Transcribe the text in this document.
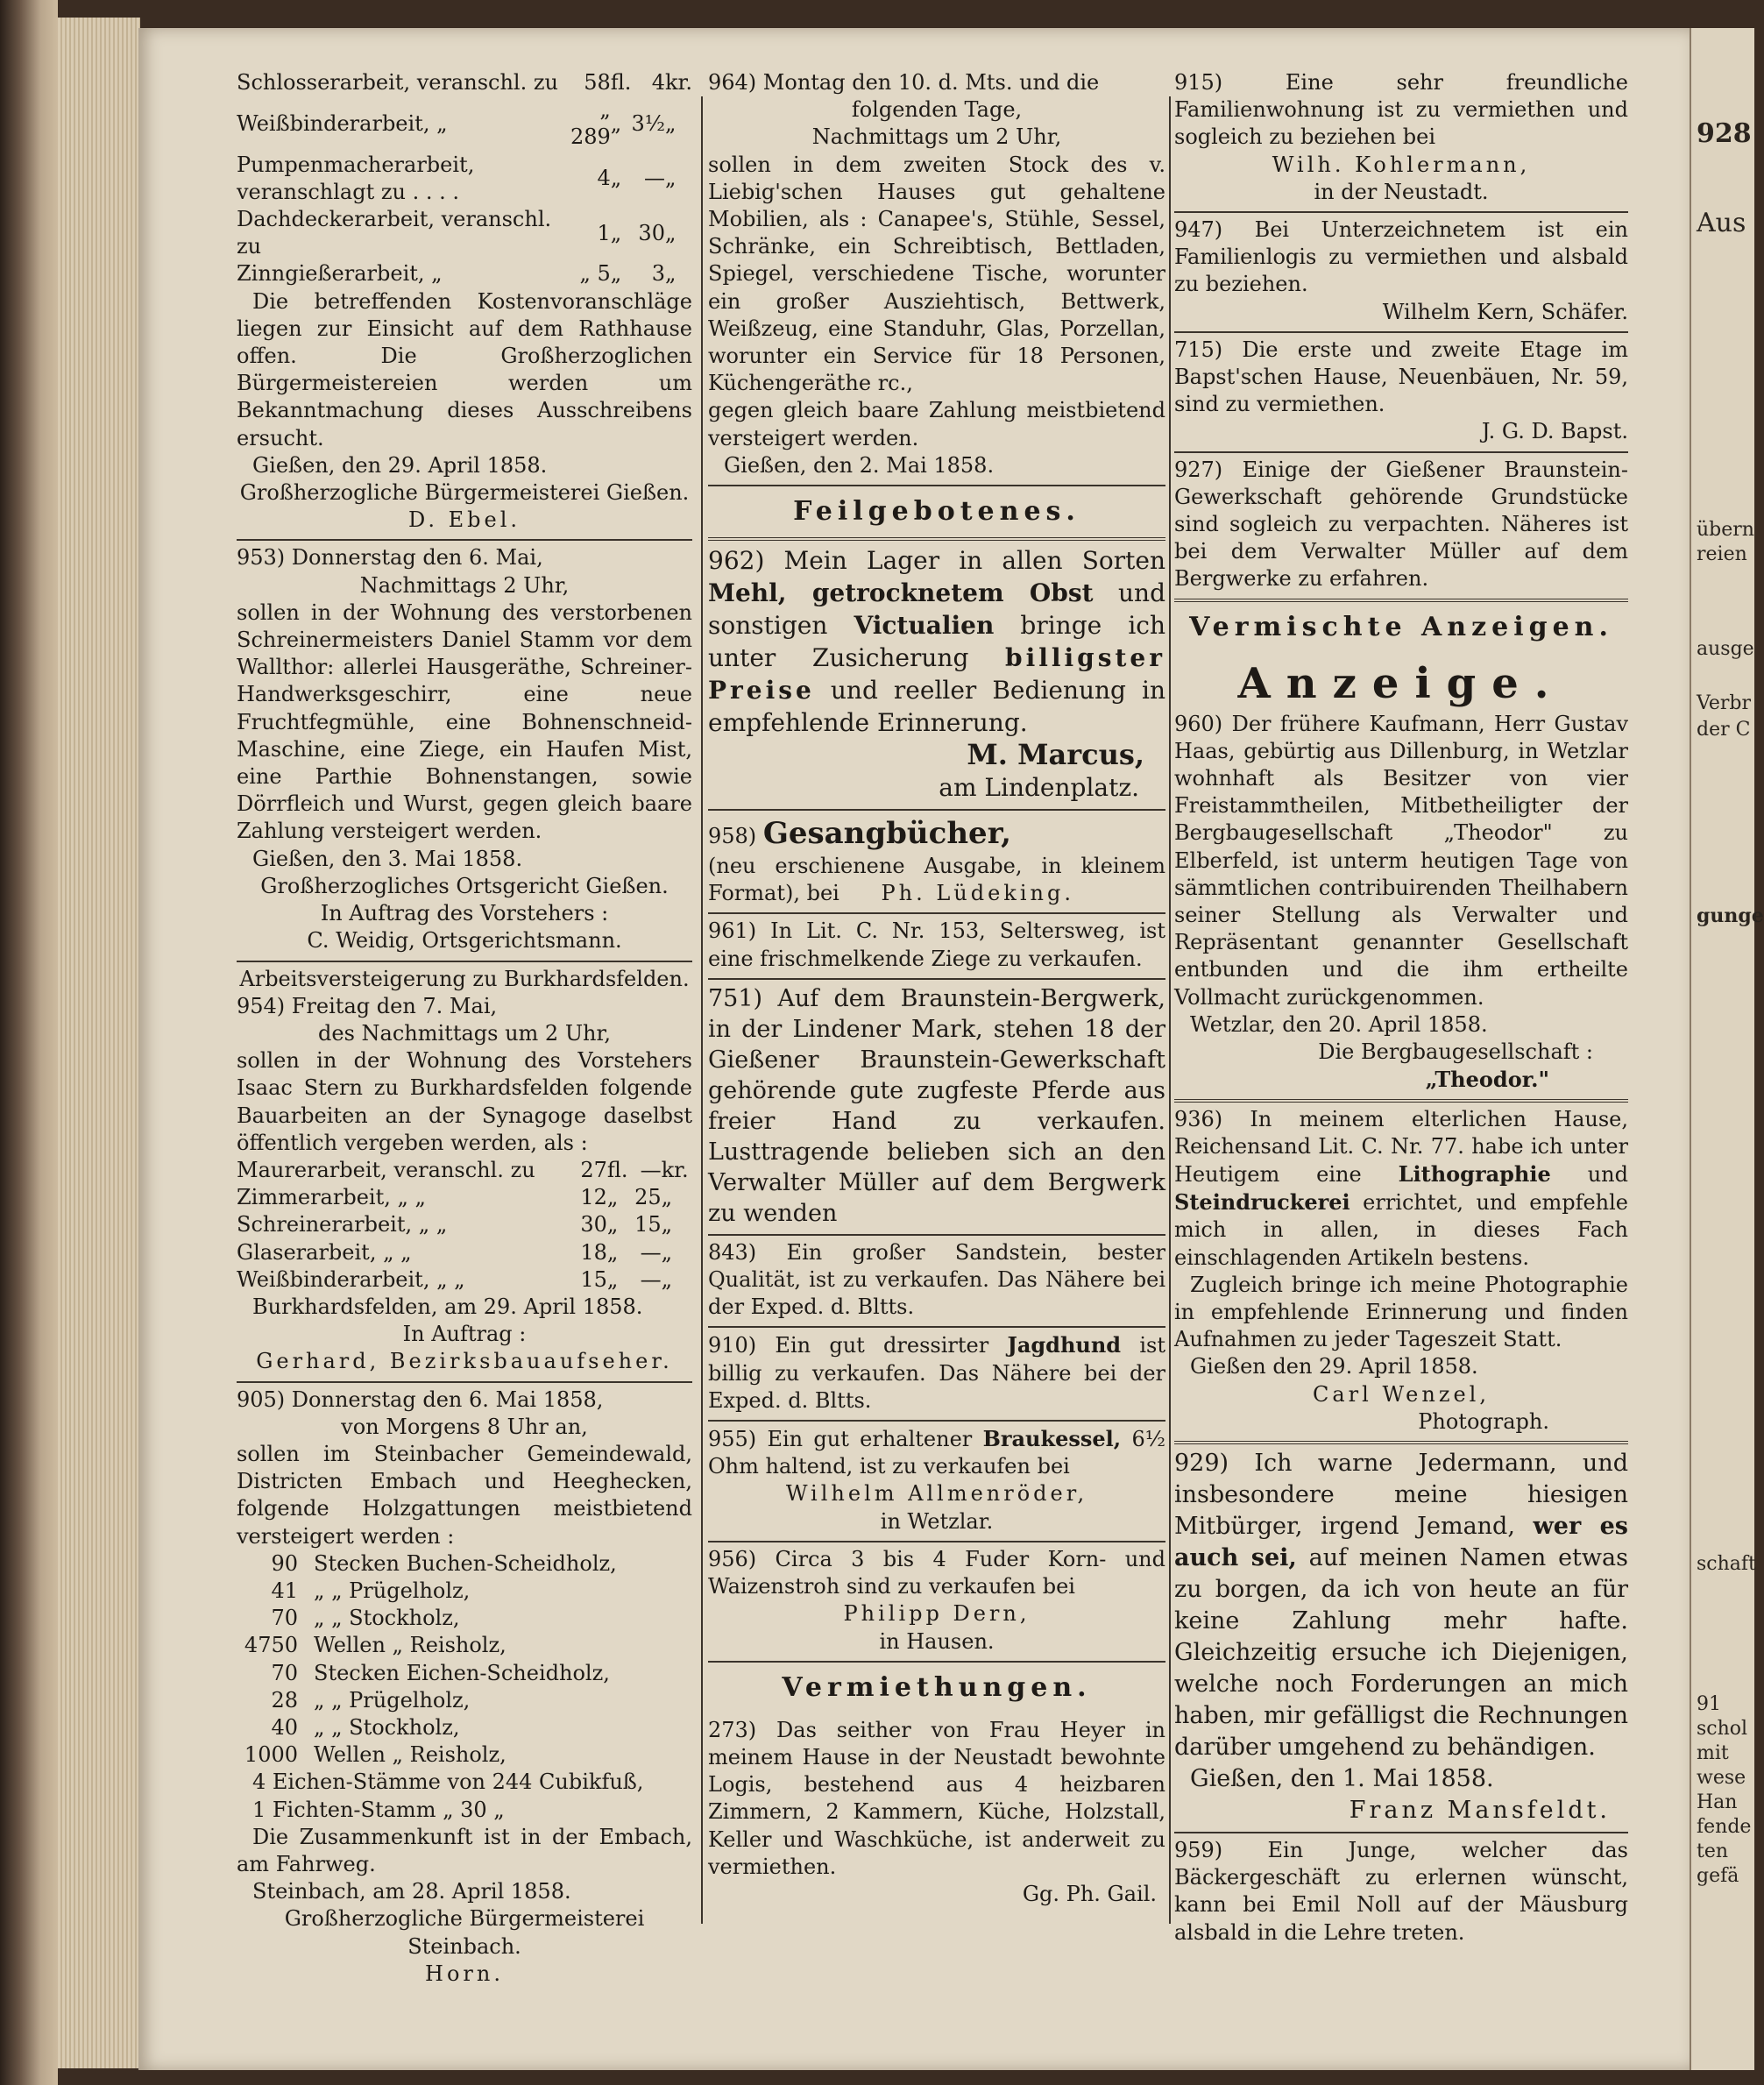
Schlosserarbeit, veranschl. zu	58	fl.	4	kr.
Weißbinderarbeit, „	„ 289	„	3½	„
Pumpenmacherarbeit, veranschlagt zu . . . .	4	„	—	„
Dachdeckerarbeit, veranschl. zu	1	„	30	„
Zinngießerarbeit, „	„ 5	„	3	„

Die betreffenden Kostenvoranschläge liegen zur Einsicht auf dem Rathhause offen. Die Großherzoglichen Bürgermeistereien werden um Bekanntmachung dieses Ausschreibens ersucht.

Gießen, den 29. April 1858.

Großherzogliche Bürgermeisterei Gießen.

D. Ebel.

953) Donnerstag den 6. Mai,

Nachmittags 2 Uhr,

sollen in der Wohnung des verstorbenen Schreinermeisters Daniel Stamm vor dem Wallthor: allerlei Hausgeräthe, Schreiner-Handwerksgeschirr, eine neue Fruchtfegmühle, eine Bohnenschneid-Maschine, eine Ziege, ein Haufen Mist, eine Parthie Bohnenstangen, sowie Dörrfleich und Wurst, gegen gleich baare Zahlung versteigert werden.

Gießen, den 3. Mai 1858.

Großherzogliches Ortsgericht Gießen.

In Auftrag des Vorstehers :

C. Weidig, Ortsgerichtsmann.

Arbeitsversteigerung zu Burkhardsfelden.

954) Freitag den 7. Mai,

des Nachmittags um 2 Uhr,

sollen in der Wohnung des Vorstehers Isaac Stern zu Burkhardsfelden folgende Bauarbeiten an der Synagoge daselbst öffentlich vergeben werden, als :

Maurerarbeit, veranschl. zu	27	fl.	—	kr.
Zimmerarbeit, „ „	12	„	25	„
Schreinerarbeit, „ „	30	„	15	„
Glaserarbeit, „ „	18	„	—	„
Weißbinderarbeit, „ „	15	„	—	„

Burkhardsfelden, am 29. April 1858.

In Auftrag :

Gerhard, Bezirksbauaufseher.

905) Donnerstag den 6. Mai 1858,

von Morgens 8 Uhr an,

sollen im Steinbacher Gemeindewald, Districten Embach und Heeghecken, folgende Holzgattungen meistbietend versteigert werden :

90	Stecken Buchen-Scheidholz,
41	„ „ Prügelholz,
70	„ „ Stockholz,
4750	Wellen „ Reisholz,
70	Stecken Eichen-Scheidholz,
28	„ „ Prügelholz,
40	„ „ Stockholz,
1000	Wellen „ Reisholz,

4 Eichen-Stämme von 244 Cubikfuß,

1 Fichten-Stamm „ 30 „

Die Zusammenkunft ist in der Embach, am Fahrweg.

Steinbach, am 28. April 1858.

Großherzogliche Bürgermeisterei Steinbach.

Horn.

964) Montag den 10. d. Mts. und die

folgenden Tage,

Nachmittags um 2 Uhr,

sollen in dem zweiten Stock des v. Liebig'schen Hauses gut gehaltene Mobilien, als : Canapee's, Stühle, Sessel, Schränke, ein Schreibtisch, Bettladen, Spiegel, verschiedene Tische, worunter ein großer Ausziehtisch, Bettwerk, Weißzeug, eine Standuhr, Glas, Porzellan, worunter ein Service für 18 Personen, Küchengeräthe rc.,

gegen gleich baare Zahlung meistbietend versteigert werden.

Gießen, den 2. Mai 1858.

Feilgebotenes.

962) Mein Lager in allen Sorten Mehl, getrocknetem Obst und sonstigen Victualien bringe ich unter Zusicherung billigster Preise und reeller Bedienung in empfehlende Erinnerung.

M. Marcus,

am Lindenplatz.

958) Gesangbücher,

(neu erschienene Ausgabe, in kleinem Format), bei Ph. Lüdeking.

961) In Lit. C. Nr. 153, Seltersweg, ist eine frischmelkende Ziege zu verkaufen.

751) Auf dem Braunstein-Bergwerk, in der Lindener Mark, stehen 18 der Gießener Braunstein-Gewerkschaft gehörende gute zugfeste Pferde aus freier Hand zu verkaufen. Lusttragende belieben sich an den Verwalter Müller auf dem Bergwerk zu wenden

843) Ein großer Sandstein, bester Qualität, ist zu verkaufen. Das Nähere bei der Exped. d. Bltts.

910) Ein gut dressirter Jagdhund ist billig zu verkaufen. Das Nähere bei der Exped. d. Bltts.

955) Ein gut erhaltener Braukessel, 6½ Ohm haltend, ist zu verkaufen bei

Wilhelm Allmenröder,

in Wetzlar.

956) Circa 3 bis 4 Fuder Korn- und Waizenstroh sind zu verkaufen bei

Philipp Dern,

in Hausen.

Vermiethungen.

273) Das seither von Frau Heyer in meinem Hause in der Neustadt bewohnte Logis, bestehend aus 4 heizbaren Zimmern, 2 Kammern, Küche, Holzstall, Keller und Waschküche, ist anderweit zu vermiethen.

Gg. Ph. Gail.

915) Eine sehr freundliche Familienwohnung ist zu vermiethen und sogleich zu beziehen bei

Wilh. Kohlermann,

in der Neustadt.

947) Bei Unterzeichnetem ist ein Familienlogis zu vermiethen und alsbald zu beziehen.

Wilhelm Kern, Schäfer.

715) Die erste und zweite Etage im Bapst'schen Hause, Neuenbäuen, Nr. 59, sind zu vermiethen.

J. G. D. Bapst.

927) Einige der Gießener Braunstein-Gewerkschaft gehörende Grundstücke sind sogleich zu verpachten. Näheres ist bei dem Verwalter Müller auf dem Bergwerke zu erfahren.

Vermischte Anzeigen.

Anzeige.

960) Der frühere Kaufmann, Herr Gustav Haas, gebürtig aus Dillenburg, in Wetzlar wohnhaft als Besitzer von vier Freistammtheilen, Mitbetheiligter der Bergbaugesellschaft „Theodor" zu Elberfeld, ist unterm heutigen Tage von sämmtlichen contribuirenden Theilhabern seiner Stellung als Verwalter und Repräsentant genannter Gesellschaft entbunden und die ihm ertheilte Vollmacht zurückgenommen.

Wetzlar, den 20. April 1858.

Die Bergbaugesellschaft :

„Theodor."

936) In meinem elterlichen Hause, Reichensand Lit. C. Nr. 77. habe ich unter Heutigem eine Lithographie und Steindruckerei errichtet, und empfehle mich in allen, in dieses Fach einschlagenden Artikeln bestens.

Zugleich bringe ich meine Photographie in empfehlende Erinnerung und finden Aufnahmen zu jeder Tageszeit Statt.

Gießen den 29. April 1858.

Carl Wenzel,

Photograph.

929) Ich warne Jedermann, und insbesondere meine hiesigen Mitbürger, irgend Jemand, wer es auch sei, auf meinen Namen etwas zu borgen, da ich von heute an für keine Zahlung mehr hafte. Gleichzeitig ersuche ich Diejenigen, welche noch Forderungen an mich haben, mir gefälligst die Rechnungen darüber umgehend zu behändigen.

Gießen, den 1. Mai 1858.

Franz Mansfeldt.

959) Ein Junge, welcher das Bäckergeschäft zu erlernen wünscht, kann bei Emil Noll auf der Mäusburg alsbald in die Lehre treten.

928
Aus
übern
reien
ausge
Verbr
der C
gunge
schaft
91
schol
mit
wese
Han
fende
ten
gefä
